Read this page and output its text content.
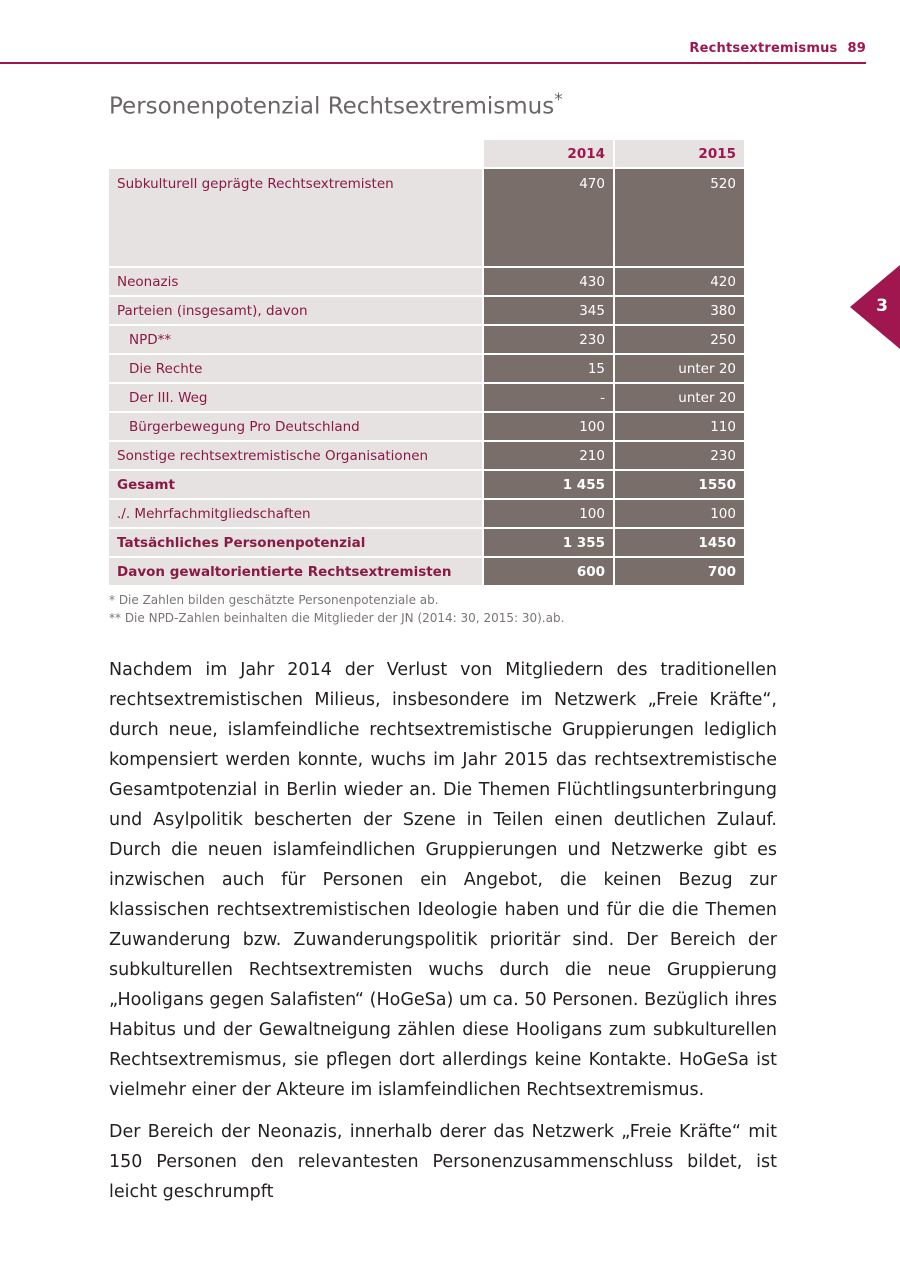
Rechtsextremismus 89
3
Personenpotenzial Rechtsextremismus*
	2014	2015
Subkulturell geprägte Rechtsextremisten	470	520
Neonazis	430	420
Parteien (insgesamt), davon	345	380
NPD**	230	250
Die Rechte	15	unter 20
Der III. Weg	-	unter 20
Bürgerbewegung Pro Deutschland	100	110
Sonstige rechtsextremistische Organisationen	210	230
Gesamt	1 455	1550
./. Mehrfachmitgliedschaften	100	100
Tatsächliches Personenpotenzial	1 355	1450
Davon gewaltorientierte Rechtsextremisten	600	700
* Die Zahlen bilden geschätzte Personenpotenziale ab.
** Die NPD-Zahlen beinhalten die Mitglieder der JN (2014: 30, 2015: 30).ab.

Nachdem im Jahr 2014 der Verlust von Mitgliedern des traditionellen rechtsextremistischen Milieus, insbesondere im Netzwerk „Freie Kräfte“, durch neue, islamfeindliche rechtsextremistische Gruppierungen lediglich kompensiert werden konnte, wuchs im Jahr 2015 das rechtsextremistische Gesamtpotenzial in Berlin wieder an. Die Themen Flüchtlingsunterbringung und Asylpolitik bescherten der Szene in Teilen einen deutlichen Zulauf. Durch die neuen islamfeindlichen Gruppierungen und Netzwerke gibt es inzwischen auch für Personen ein Angebot, die keinen Bezug zur klassischen rechtsextremistischen Ideologie haben und für die die Themen Zuwanderung bzw. Zuwanderungspolitik prioritär sind. Der Bereich der subkulturellen Rechtsextremisten wuchs durch die neue Gruppierung „Hooligans gegen Salafisten“ (HoGeSa) um ca. 50 Personen. Bezüglich ihres Habitus und der Gewaltneigung zählen diese Hooligans zum subkulturellen Rechtsextremismus, sie pflegen dort allerdings keine Kontakte. HoGeSa ist vielmehr einer der Akteure im islamfeindlichen Rechtsextremismus.

Der Bereich der Neonazis, innerhalb derer das Netzwerk „Freie Kräfte“ mit 150 Personen den relevantesten Personenzusammenschluss bildet, ist leicht geschrumpft
